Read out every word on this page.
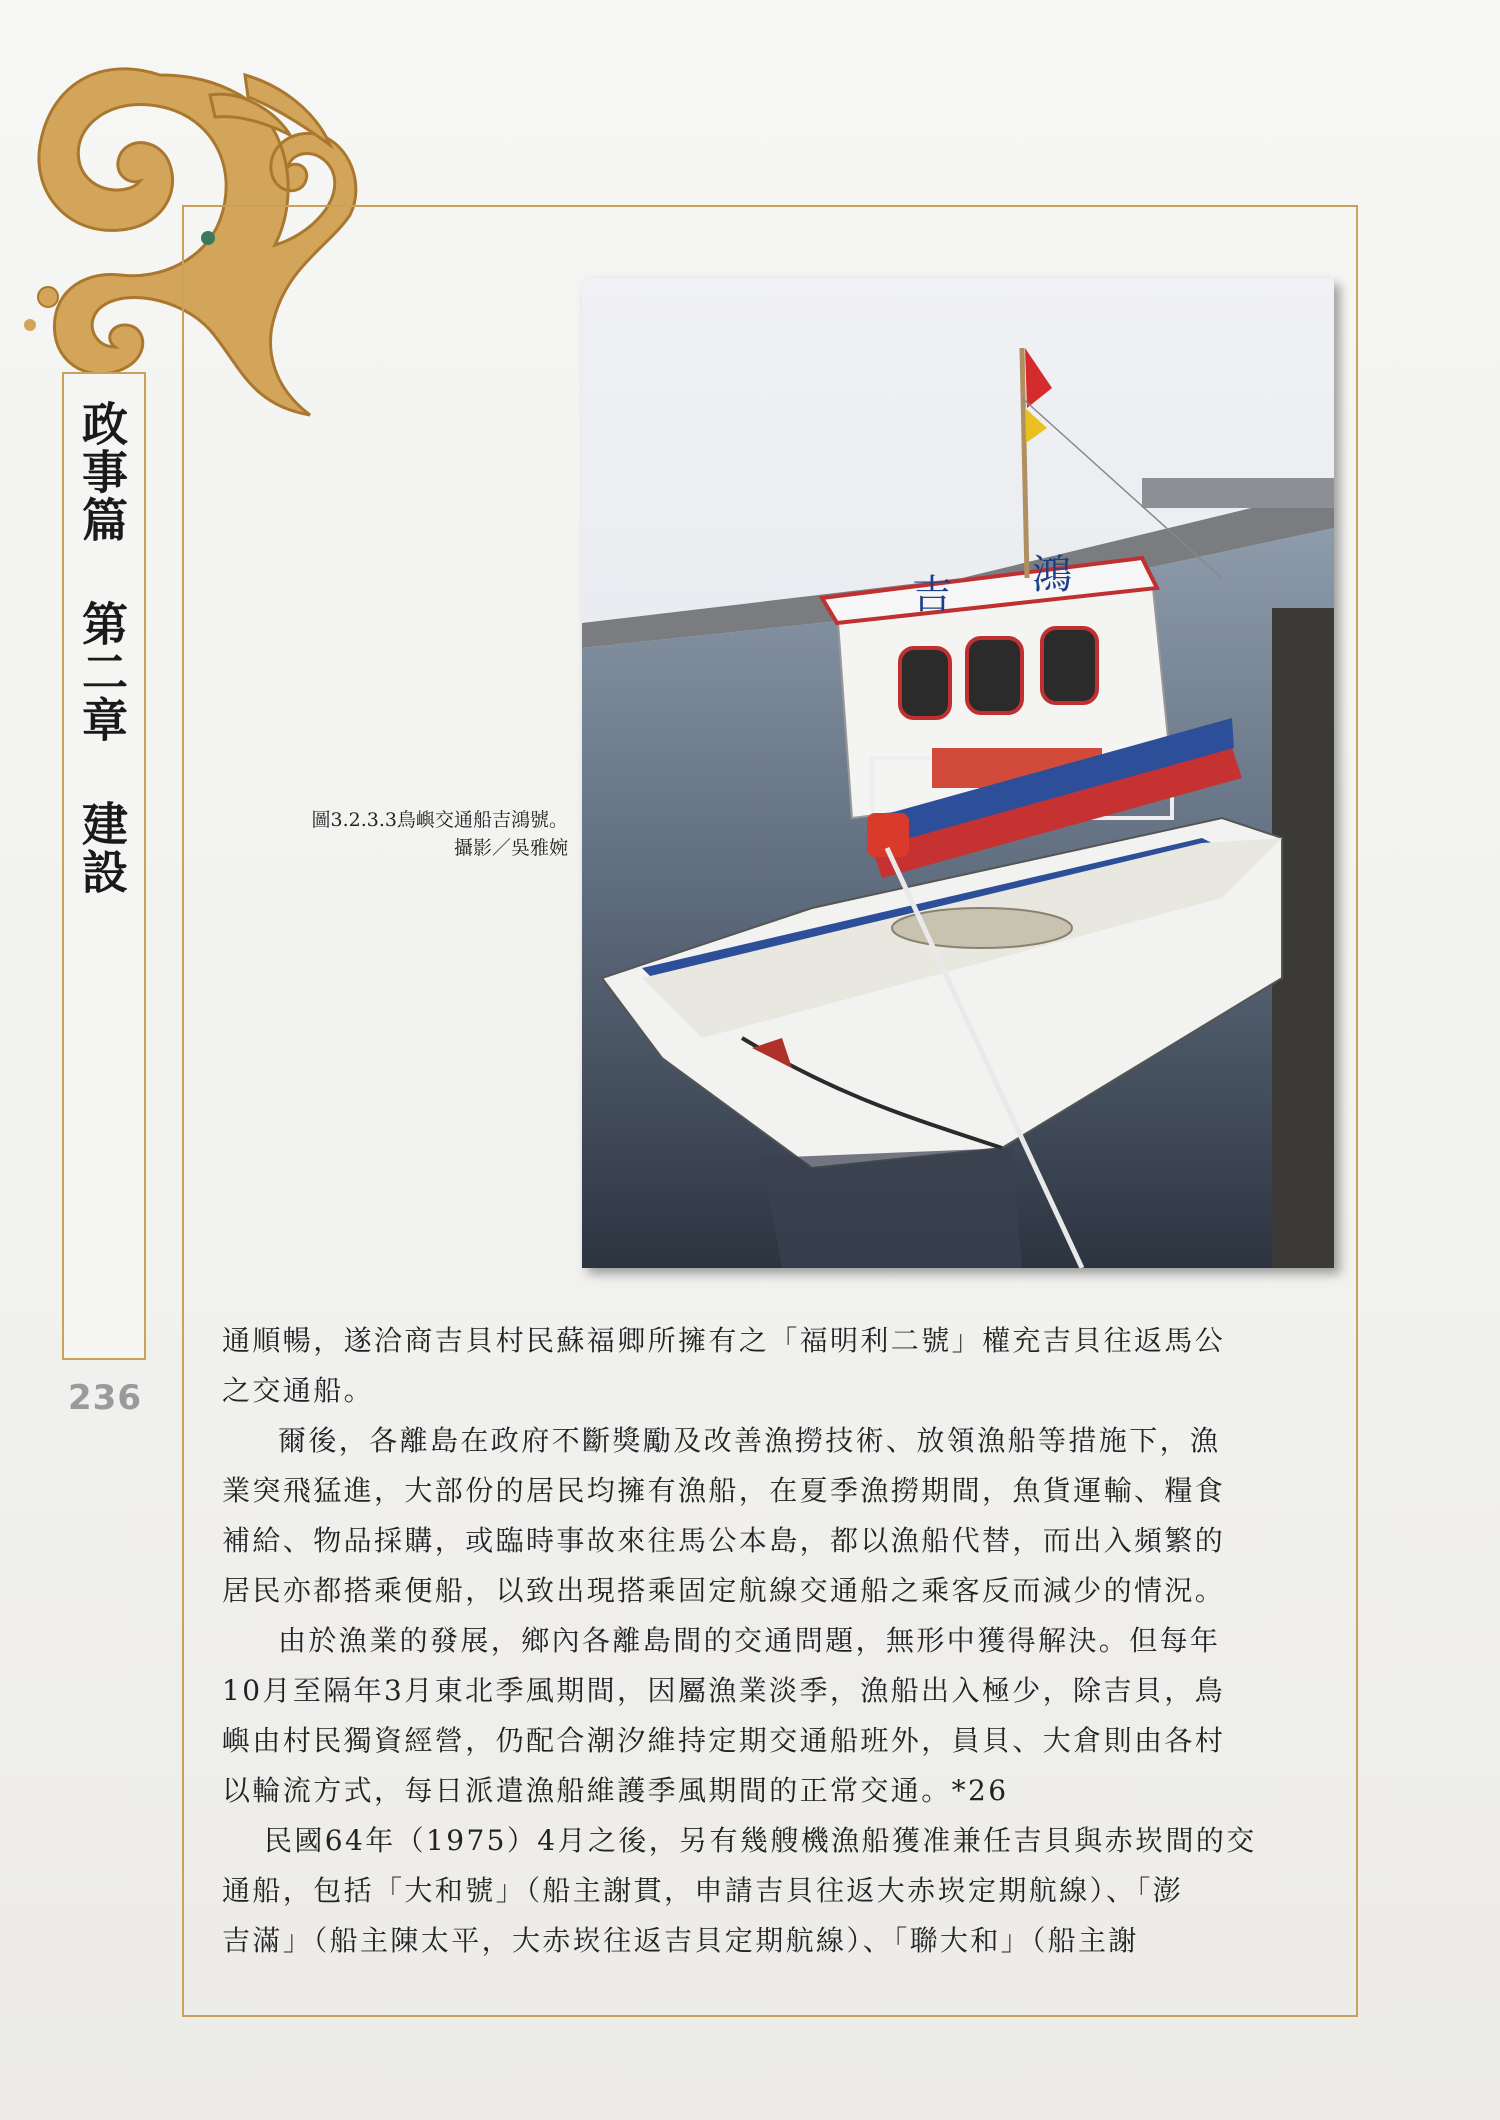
政事篇 第二章 建設
236
圖3.2.3.3鳥嶼交通船吉鴻號。
攝影／吳雅婉
吉 鴻

通順暢，遂洽商吉貝村民蘇福卿所擁有之「福明利二號」權充吉貝往返馬公
之交通船。

爾後，各離島在政府不斷獎勵及改善漁撈技術、放領漁船等措施下，漁
業突飛猛進，大部份的居民均擁有漁船，在夏季漁撈期間，魚貨運輸、糧食
補給、物品採購，或臨時事故來往馬公本島，都以漁船代替，而出入頻繁的
居民亦都搭乘便船，以致出現搭乘固定航線交通船之乘客反而減少的情況。

由於漁業的發展，鄉內各離島間的交通問題，無形中獲得解決。但每年
10月至隔年3月東北季風期間，因屬漁業淡季，漁船出入極少，除吉貝，鳥
嶼由村民獨資經營，仍配合潮汐維持定期交通船班外，員貝、大倉則由各村
以輪流方式，每日派遣漁船維護季風期間的正常交通。*26

民國64年（1975）4月之後，另有幾艘機漁船獲准兼任吉貝與赤崁間的交
通船，包括「大和號」（船主謝貫，申請吉貝往返大赤崁定期航線）、「澎
吉滿」（船主陳太平，大赤崁往返吉貝定期航線）、「聯大和」（船主謝
